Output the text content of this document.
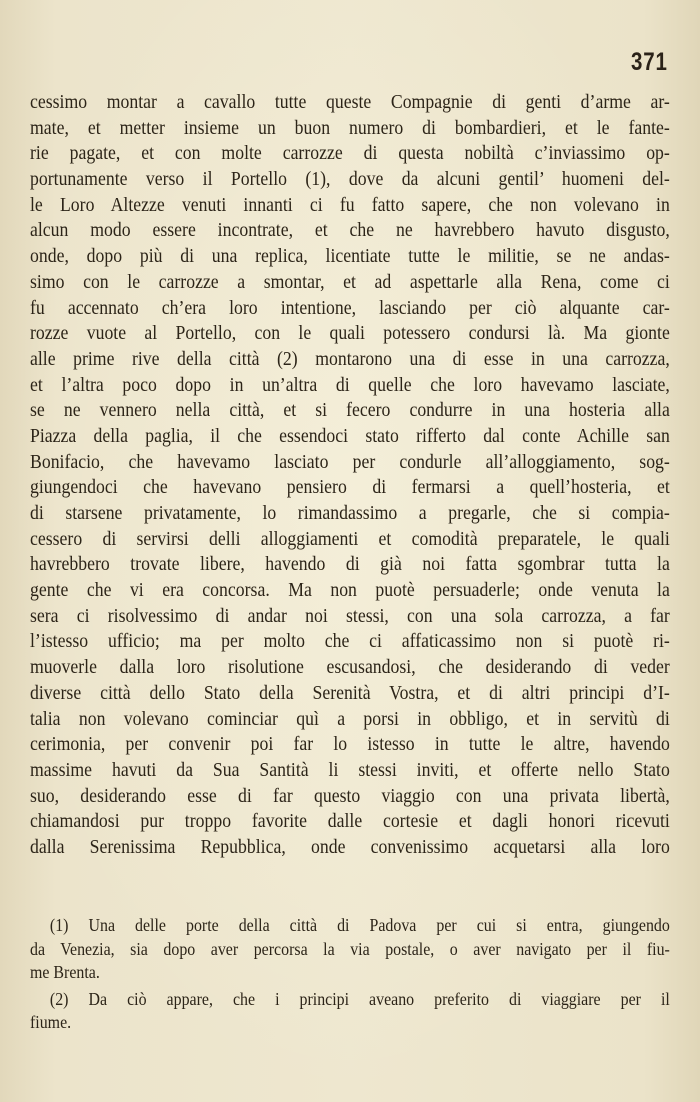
371
cessimo montar a cavallo tutte queste Compagnie di genti d’arme ar-
mate, et metter insieme un buon numero di bombardieri, et le fante-
rie pagate, et con molte carrozze di questa nobiltà c’inviassimo op-
portunamente verso il Portello (1), dove da alcuni gentil’ huomeni del-
le Loro Altezze venuti innanti ci fu fatto sapere, che non volevano in
alcun modo essere incontrate, et che ne havrebbero havuto disgusto,
onde, dopo più di una replica, licentiate tutte le militie, se ne andas-
simo con le carrozze a smontar, et ad aspettarle alla Rena, come ci
fu accennato ch’era loro intentione, lasciando per ciò alquante car-
rozze vuote al Portello, con le quali potessero condursi là. Ma gionte
alle prime rive della città (2) montarono una di esse in una carrozza,
et l’altra poco dopo in un’altra di quelle che loro havevamo lasciate,
se ne vennero nella città, et si fecero condurre in una hosteria alla
Piazza della paglia, il che essendoci stato rifferto dal conte Achille san
Bonifacio, che havevamo lasciato per condurle all’alloggiamento, sog-
giungendoci che havevano pensiero di fermarsi a quell’hosteria, et
di starsene privatamente, lo rimandassimo a pregarle, che si compia-
cessero di servirsi delli alloggiamenti et comodità preparatele, le quali
havrebbero trovate libere, havendo di già noi fatta sgombrar tutta la
gente che vi era concorsa. Ma non puotè persuaderle; onde venuta la
sera ci risolvessimo di andar noi stessi, con una sola carrozza, a far
l’istesso ufficio; ma per molto che ci affaticassimo non si puotè ri-
muoverle dalla loro risolutione escusandosi, che desiderando di veder
diverse città dello Stato della Serenità Vostra, et di altri principi d’I-
talia non volevano cominciar quì a porsi in obbligo, et in servitù di
cerimonia, per convenir poi far lo istesso in tutte le altre, havendo
massime havuti da Sua Santità li stessi inviti, et offerte nello Stato
suo, desiderando esse di far questo viaggio con una privata libertà,
chiamandosi pur troppo favorite dalle cortesie et dagli honori ricevuti
dalla Serenissima Repubblica, onde convenissimo acquetarsi alla loro
(1) Una delle porte della città di Padova per cui si entra, giungendo
da Venezia, sia dopo aver percorsa la via postale, o aver navigato per il fiu-
me Brenta.
(2) Da ciò appare, che i principi aveano preferito di viaggiare per il
fiume.
